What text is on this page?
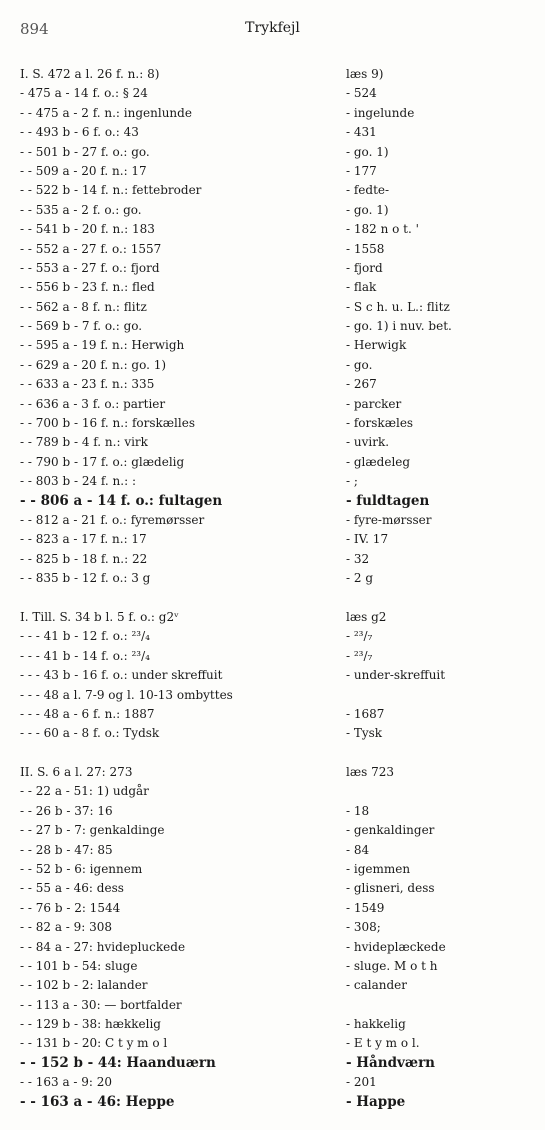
894	Trykfejl
I. S. 472 a l. 26 f. n.: 8)	læs 9)
- 475 a - 14 f. o.: § 24	- 524
- - 475 a - 2 f. n.: ingenlunde	- ingelunde
- - 493 b - 6 f. o.: 43	- 431
- - 501 b - 27 f. o.: go.	- go. 1)
- - 509 a - 20 f. n.: 17	- 177
- - 522 b - 14 f. n.: fettebroder	- fedte-
- - 535 a - 2 f. o.: go.	- go. 1)
- - 541 b - 20 f. n.: 183	- 182 n o t. '
- - 552 a - 27 f. o.: 1557	- 1558
- - 553 a - 27 f. o.: fjord	- fjord
- - 556 b - 23 f. n.: fled	- flak
- - 562 a - 8 f. n.: flitz	- S c h. u. L.: flitz
- - 569 b - 7 f. o.: go.	- go. 1) i nuv. bet.
- - 595 a - 19 f. n.: Herwigh	- Herwigk
- - 629 a - 20 f. n.: go. 1)	- go.
- - 633 a - 23 f. n.: 335	- 267
- - 636 a - 3 f. o.: partier	- parcker
- - 700 b - 16 f. n.: forskælles	- forskæles
- - 789 b - 4 f. n.: virk	- uvirk.
- - 790 b - 17 f. o.: glædelig	- glædeleg
- - 803 b - 24 f. n.: :	- ;
- - 806 a - 14 f. o.: fultagen	- fuldtagen
- - 812 a - 21 f. o.: fyremørsser	- fyre-mørsser
- - 823 a - 17 f. n.: 17	- IV. 17
- - 825 b - 18 f. n.: 22	- 32
- - 835 b - 12 f. o.: 3 g	- 2 g
I. Till. S. 34 b l. 5 f. o.: g2ᵛ	læs g2
- - - 41 b - 12 f. o.: ²³/₄	- ²³/₇
- - - 41 b - 14 f. o.: ²³/₄	- ²³/₇
- - - 43 b - 16 f. o.: under skreffuit	- under-skreffuit
- - - 48 a l. 7-9 og l. 10-13 ombyttes
- - - 48 a - 6 f. n.: 1887	- 1687
- - - 60 a - 8 f. o.: Tydsk	- Tysk
II. S. 6 a l. 27: 273	læs 723
- - 22 a - 51: 1) udgår
- - 26 b - 37: 16	- 18
- - 27 b - 7: genkaldinge	- genkaldinger
- - 28 b - 47: 85	- 84
- - 52 b - 6: igennem	- igemmen
- - 55 a - 46: dess	- glisneri, dess
- - 76 b - 2: 1544	- 1549
- - 82 a - 9: 308	- 308;
- - 84 a - 27: hvidepluckede	- hvideplæckede
- - 101 b - 54: sluge	- sluge. M o t h
- - 102 b - 2: lalander	- calander
- - 113 a - 30: — bortfalder
- - 129 b - 38: hækkelig	- hakkelig
- - 131 b - 20: C t y m o l	- E t y m o l.
- - 152 b - 44: Haanduærn	- Håndværn
- - 163 a - 9: 20	- 201
- - 163 a - 46: Heppe	- Happe
